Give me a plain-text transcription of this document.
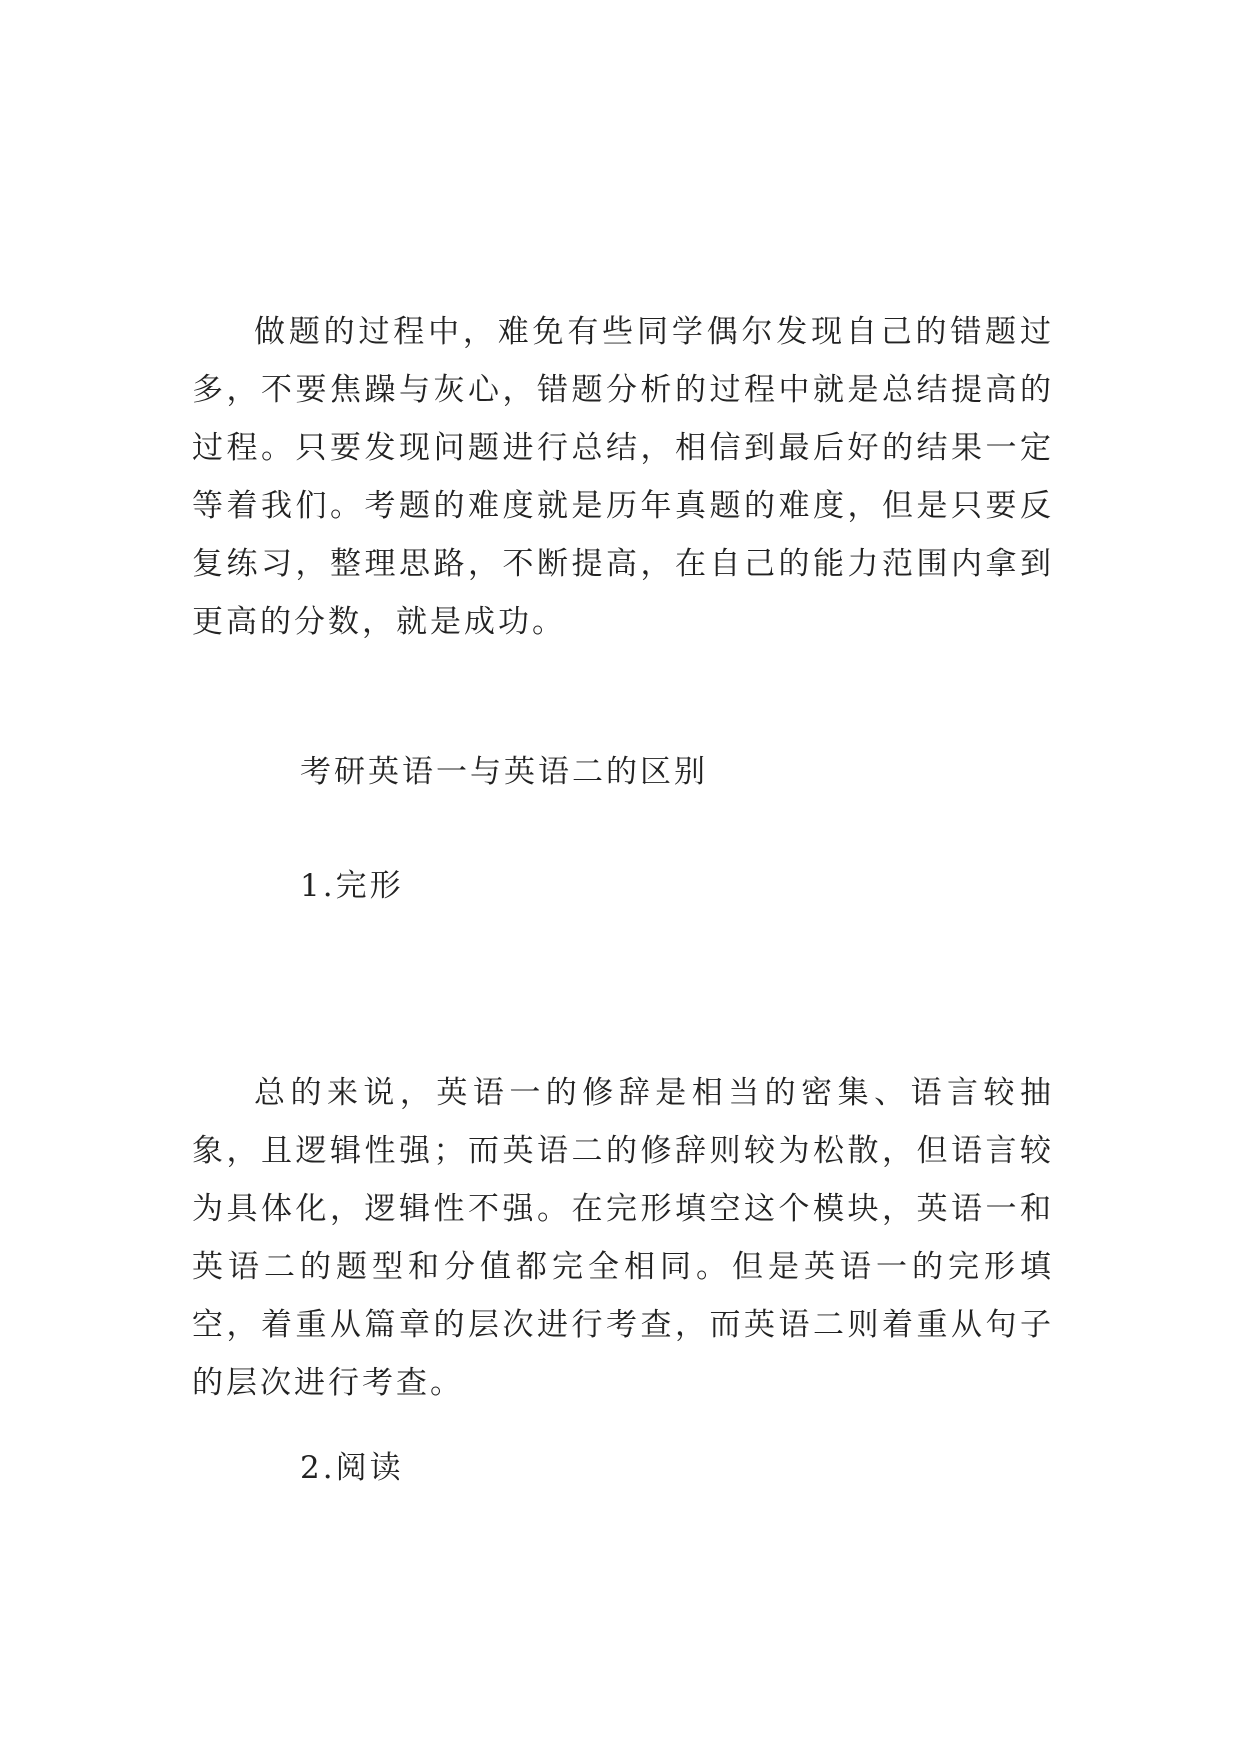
做题的过程中，难免有些同学偶尔发现自己的错题过多，不要焦躁与灰心，错题分析的过程中就是总结提高的过程。只要发现问题进行总结，相信到最后好的结果一定等着我们。考题的难度就是历年真题的难度，但是只要反复练习，整理思路，不断提高，在自己的能力范围内拿到更高的分数，就是成功。

考研英语一与英语二的区别
1.完形

总的来说，英语一的修辞是相当的密集、语言较抽象，且逻辑性强；而英语二的修辞则较为松散，但语言较为具体化，逻辑性不强。在完形填空这个模块，英语一和英语二的题型和分值都完全相同。但是英语一的完形填空，着重从篇章的层次进行考查，而英语二则着重从句子的层次进行考查。

2.阅读
